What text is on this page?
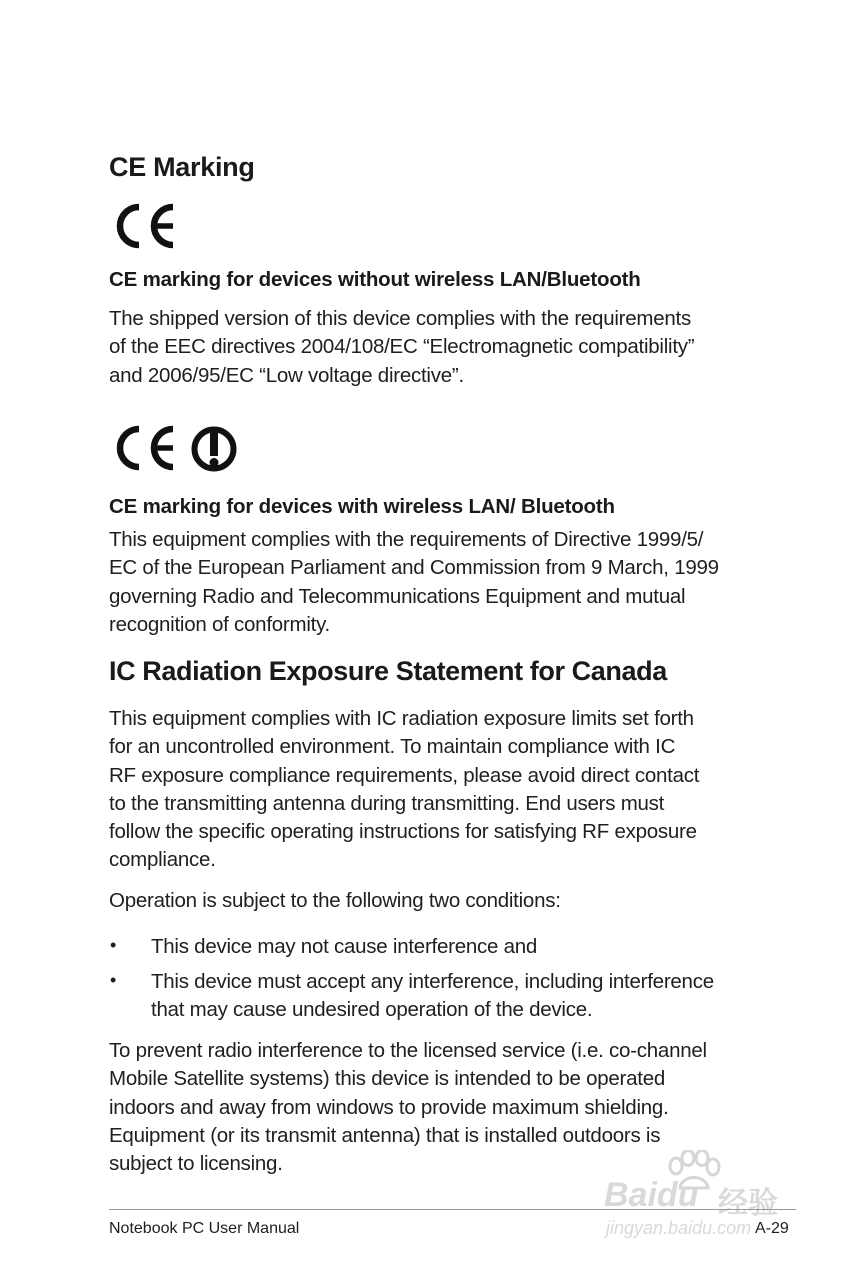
CE Marking
CE marking for devices without wireless LAN/Bluetooth
The shipped version of this device complies with the requirements
of the EEC directives 2004/108/EC “Electromagnetic compatibility”
and 2006/95/EC “Low voltage directive”.
CE marking for devices with wireless LAN/ Bluetooth
This equipment complies with the requirements of Directive 1999/5/
EC of the European Parliament and Commission from 9 March, 1999
governing Radio and Telecommunications Equipment and mutual
recognition of conformity.
IC Radiation Exposure Statement for Canada
This equipment complies with IC radiation exposure limits set forth
for an uncontrolled environment. To maintain compliance with IC
RF exposure compliance requirements, please avoid direct contact
to the transmitting antenna during transmitting. End users must
follow the specific operating instructions for satisfying RF exposure
compliance.
Operation is subject to the following two conditions:
• This device may not cause interference and
• This device must accept any interference, including interference
that may cause undesired operation of the device.
To prevent radio interference to the licensed service (i.e. co-channel
Mobile Satellite systems) this device is intended to be operated
indoors and away from windows to provide maximum shielding.
Equipment (or its transmit antenna) that is installed outdoors is
subject to licensing.
Baidu 经验
jingyan.baidu.com
Notebook PC User Manual	A-29
